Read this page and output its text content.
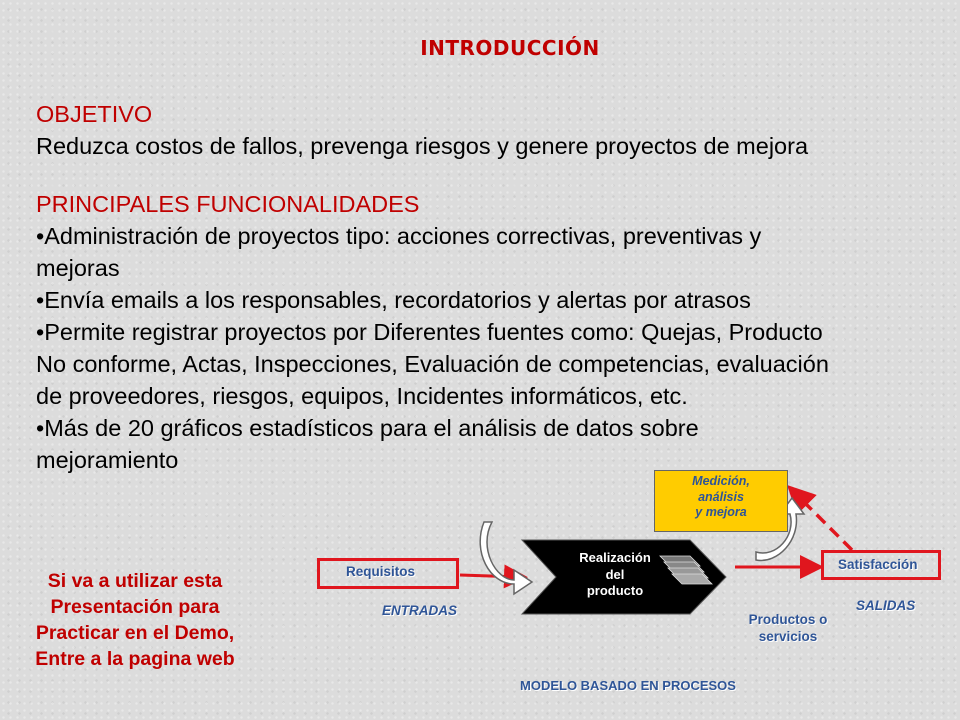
INTRODUCCIÓN

OBJETIVO

Reduzca costos de fallos, prevenga riesgos y genere proyectos de mejora

PRINCIPALES FUNCIONALIDADES

•Administración de proyectos tipo: acciones correctivas, preventivas y

mejoras

•Envía emails a los responsables, recordatorios y alertas por atrasos

•Permite registrar proyectos por Diferentes fuentes como: Quejas, Producto

No conforme, Actas, Inspecciones, Evaluación de competencias, evaluación

de proveedores, riesgos, equipos, Incidentes informáticos, etc.

•Más de 20 gráficos estadísticos para el análisis de datos sobre

mejoramiento

Si va a utilizar esta
Presentación para
Practicar en el Demo,
Entre a la pagina web
Requisitos
ENTRADAS
Realización
del
producto
Medición,
análisis
y mejora
Satisfacción
SALIDAS
Productos o
servicios
MODELO BASADO EN PROCESOS
